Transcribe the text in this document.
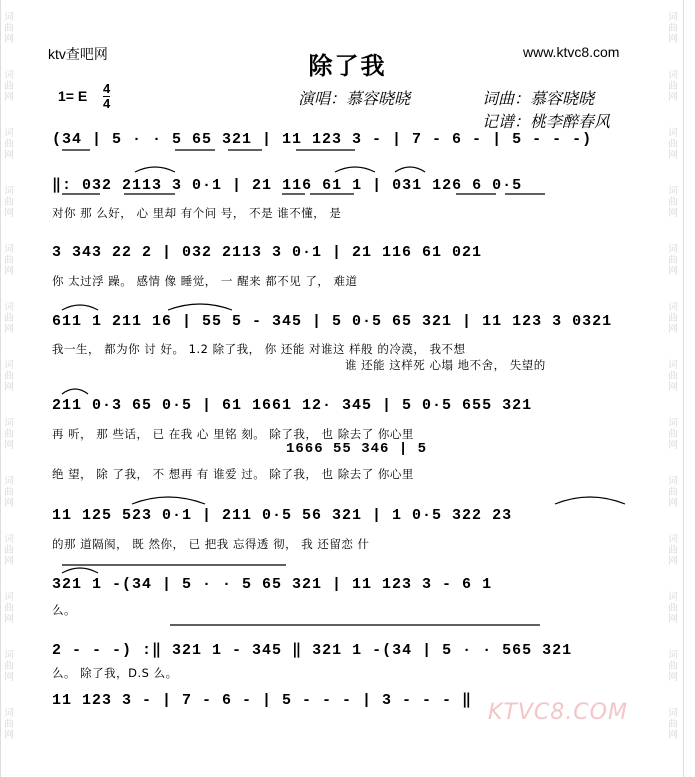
词曲网
词曲网
词曲网
词曲网
词曲网
词曲网
词曲网
词曲网
词曲网
词曲网
词曲网
词曲网
词曲网
词曲网
词曲网
词曲网
词曲网
词曲网
词曲网
词曲网
词曲网
词曲网
词曲网
词曲网
词曲网
词曲网
ktv查吧网	www.ktvc8.com
除了我
1= E 4
4	演唱：慕容晓晓	词曲：慕容晓晓
记谱：桃李醉春风
(34 | 5 · · 5 65 321 | 11 123 3 - | 7 - 6 - | 5 - - -)
‖: 032 2113 3 0·1 | 21 116 61 1 | 031 126 6 0·5
对你 那 么好， 心 里却 有个问 号， 不是 谁不懂， 是
3 343 22 2 | 032 2113 3 0·1 | 21 116 61 021
你 太过浮 躁。 感情 像 睡觉， 一 醒来 都不见 了， 难道
611 1 211 16 | 55 5 - 345 | 5 0·5 65 321 | 11 123 3 0321
我一生， 都为你 讨 好。 1.2 除了我， 你 还能 对谁这 样般 的冷漠， 我不想
谁 还能 这样死 心塌 地不舍， 失望的
211 0·3 65 0·5 | 61 1661 12· 345 | 5 0·5 655 321
再 听， 那 些话， 已 在我 心 里铭 刻。 除了我， 也 除去了 你心里
1666 55 346 | 5
绝 望， 除 了我， 不 想再 有 谁爱 过。 除了我， 也 除去了 你心里
11 125 523 0·1 | 211 0·5 56 321 | 1 0·5 322 23
的那 道隔阂， 既 然你， 已 把我 忘得透 彻， 我 还留恋 什
321 1 -(34 | 5 · · 5 65 321 | 11 123 3 - 6 1
么。
2 - - -) :‖ 321 1 - 345 ‖ 321 1 -(34 | 5 · · 565 321
么。 除了我，D.S 么。
11 123 3 - | 7 - 6 - | 5 - - - | 3 - - - ‖ KTVC8.COM
